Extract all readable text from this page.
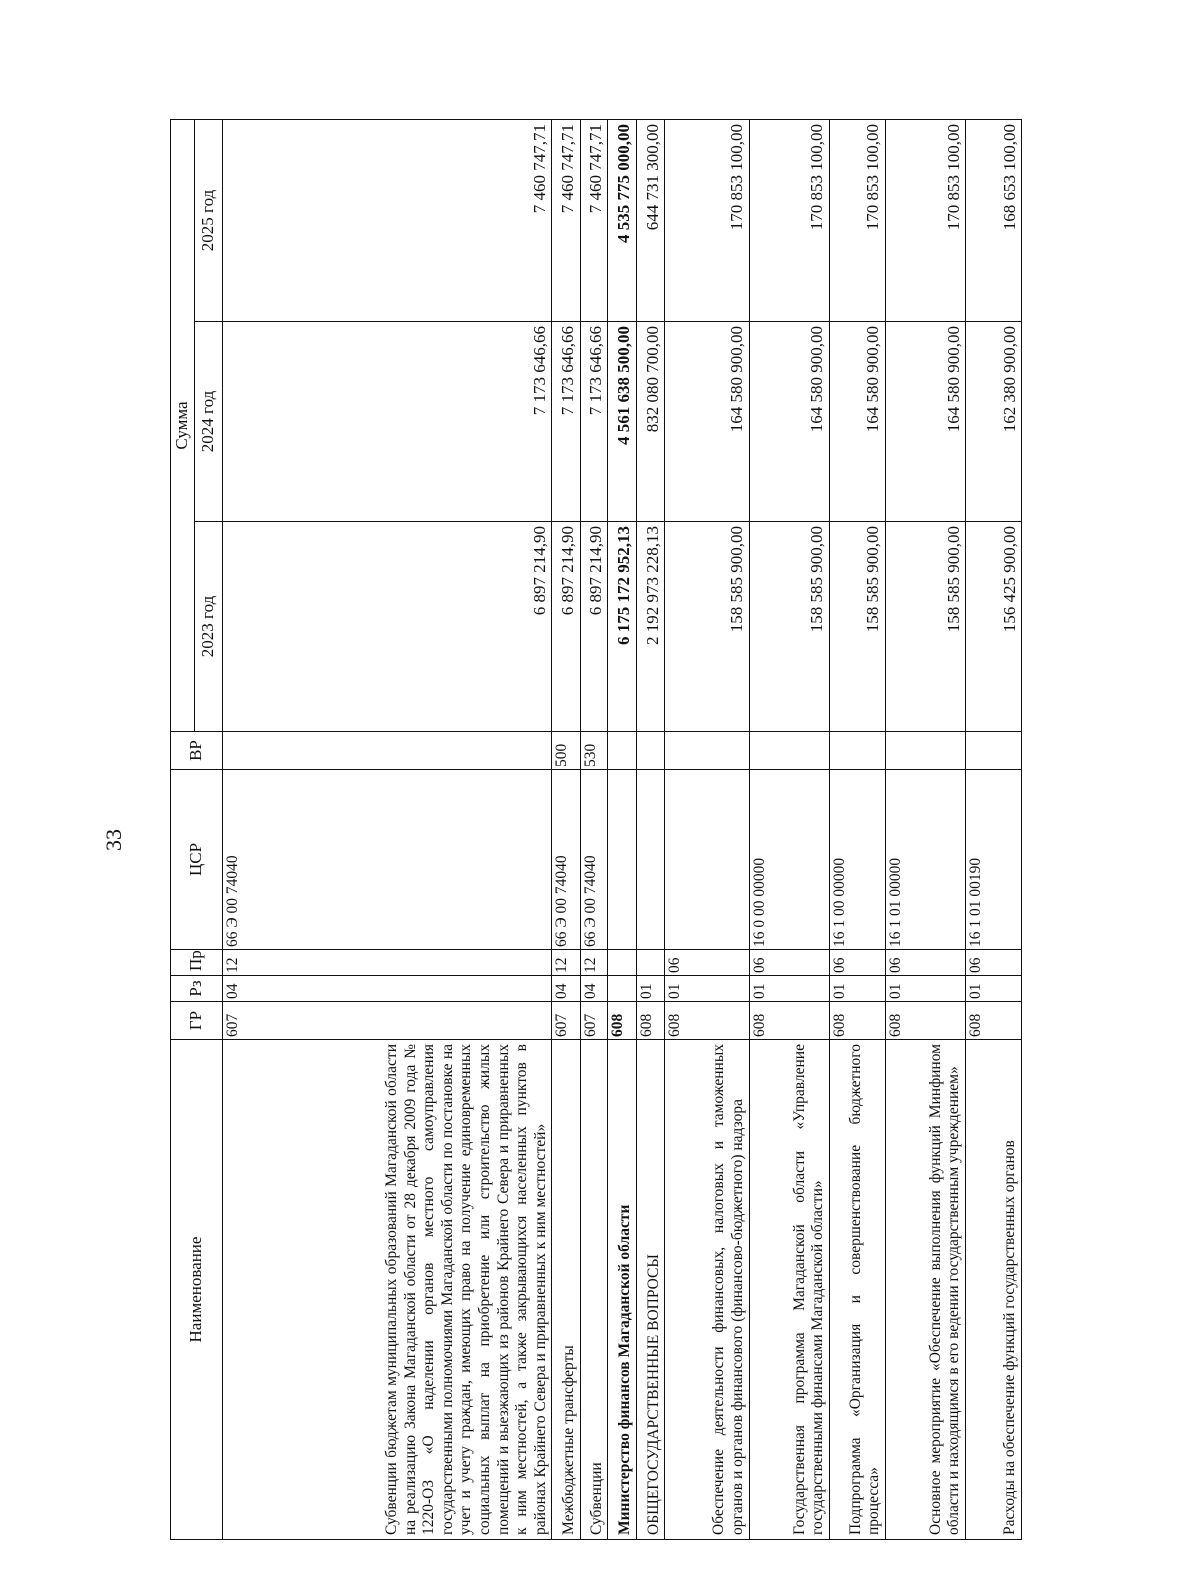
33
Наименование	ГР	Рз	Пр	ЦСР	ВР	Сумма		
						2023 год	2024 год	2025 год
Субвенции бюджетам муниципальных образований Магаданской области на реализацию Закона Магаданской области от 28 декабря 2009 года № 1220-ОЗ «О наделении органов местного самоуправления государственными полномочиями Магаданской области по постановке на учет и учету граждан, имеющих право на получение единовременных социальных выплат на приобретение или строительство жилых помещений и выезжающих из районов Крайнего Севера и приравненных к ним местностей, а также закрывающихся населенных пунктов в районах Крайнего Севера и приравненных к ним местностей»	607	04	12	66 Э 00 74040		6 897 214,90	7 173 646,66	7 460 747,71
Межбюджетные трансферты	607	04	12	66 Э 00 74040	500	6 897 214,90	7 173 646,66	7 460 747,71
Субвенции	607	04	12	66 Э 00 74040	530	6 897 214,90	7 173 646,66	7 460 747,71
Министерство финансов Магаданской области	608					6 175 172 952,13	4 561 638 500,00	4 535 775 000,00
ОБЩЕГОСУДАРСТВЕННЫЕ ВОПРОСЫ	608	01				2 192 973 228,13	832 080 700,00	644 731 300,00
Обеспечение деятельности финансовых, налоговых и таможенных органов и органов финансового (финансово-бюджетного) надзора	608	01	06			158 585 900,00	164 580 900,00	170 853 100,00
Государственная программа Магаданской области «Управление государственными финансами Магаданской области»	608	01	06	16 0 00 00000		158 585 900,00	164 580 900,00	170 853 100,00
Подпрограмма «Организация и совершенствование бюджетного процесса»	608	01	06	16 1 00 00000		158 585 900,00	164 580 900,00	170 853 100,00
Основное мероприятие «Обеспечение выполнения функций Минфином области и находящимся в его ведении государственным учреждением»	608	01	06	16 1 01 00000		158 585 900,00	164 580 900,00	170 853 100,00
Расходы на обеспечение функций государственных органов	608	01	06	16 1 01 00190		156 425 900,00	162 380 900,00	168 653 100,00
